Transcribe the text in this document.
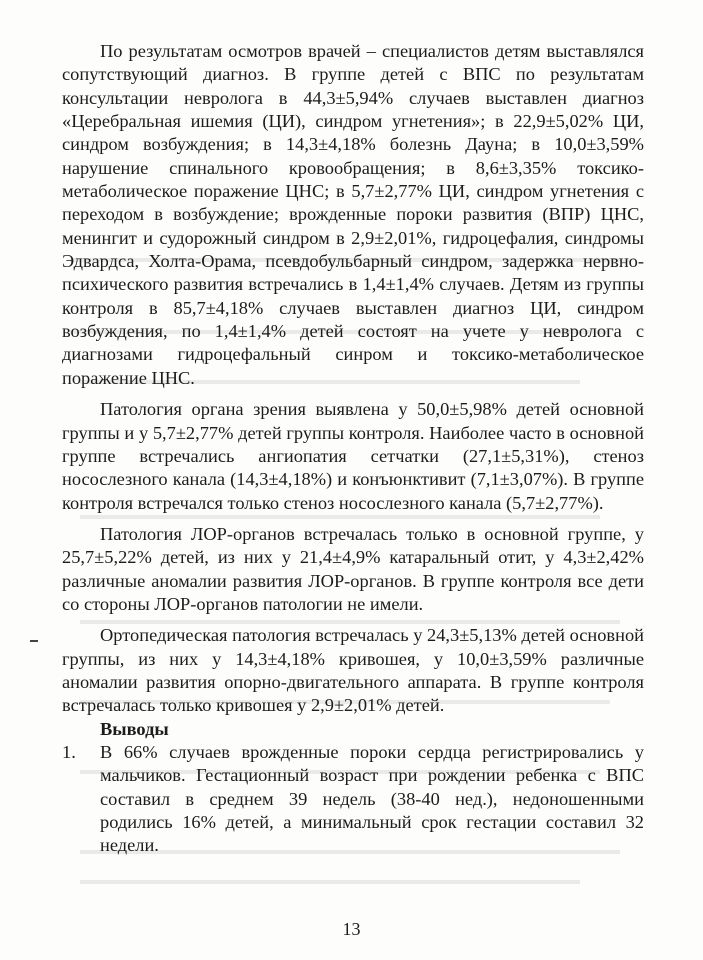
По результатам осмотров врачей – специалистов детям выставлялся сопутствующий диагноз. В группе детей с ВПС по результатам консультации невролога в 44,3±5,94% случаев выставлен диагноз «Церебральная ишемия (ЦИ), синдром угнетения»; в 22,9±5,02% ЦИ, синдром возбуждения; в 14,3±4,18% болезнь Дауна; в 10,0±3,59% нарушение спинального кровообращения; в 8,6±3,35% токсико-метаболическое поражение ЦНС; в 5,7±2,77% ЦИ, синдром угнетения с переходом в возбуждение; врожденные пороки развития (ВПР) ЦНС, менингит и судорожный синдром в 2,9±2,01%, гидроцефалия, синдромы Эдвардса, Холта-Орама, псевдобульбарный синдром, задержка нервно-психического развития встречались в 1,4±1,4% случаев. Детям из группы контроля в 85,7±4,18% случаев выставлен диагноз ЦИ, синдром возбуждения, по 1,4±1,4% детей состоят на учете у невролога с диагнозами гидроцефальный синром и токсико-метаболическое поражение ЦНС.

Патология органа зрения выявлена у 50,0±5,98% детей основной группы и у 5,7±2,77% детей группы контроля. Наиболее часто в основной группе встречались ангиопатия сетчатки (27,1±5,31%), стеноз носослезного канала (14,3±4,18%) и конъюнктивит (7,1±3,07%). В группе контроля встречался только стеноз носослезного канала (5,7±2,77%).

Патология ЛОР-органов встречалась только в основной группе, у 25,7±5,22% детей, из них у 21,4±4,9% катаральный отит, у 4,3±2,42% различные аномалии развития ЛОР-органов. В группе контроля все дети со стороны ЛОР-органов патологии не имели.

Ортопедическая патология встречалась у 24,3±5,13% детей основной группы, из них у 14,3±4,18% кривошея, у 10,0±3,59% различные аномалии развития опорно-двигательного аппарата. В группе контроля встречалась только кривошея у 2,9±2,01% детей.

Выводы

1. В 66% случаев врожденные пороки сердца регистрировались у мальчиков. Гестационный возраст при рождении ребенка с ВПС составил в среднем 39 недель (38-40 нед.), недоношенными родились 16% детей, а минимальный срок гестации составил 32 недели.
13
